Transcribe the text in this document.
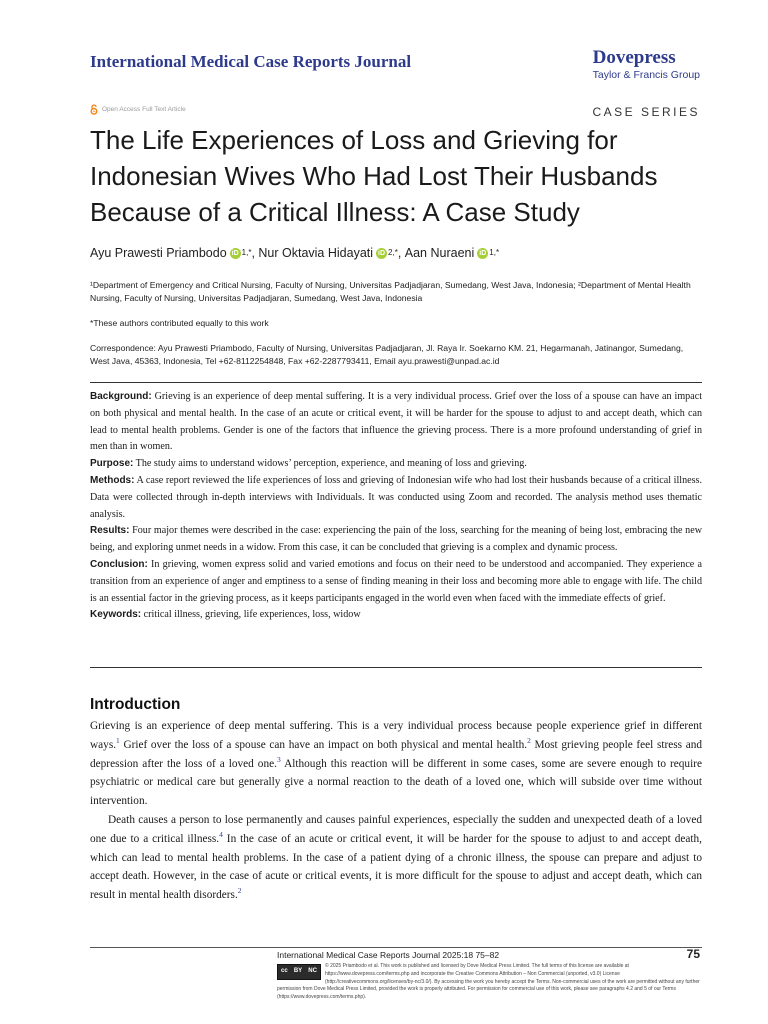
International Medical Case Reports Journal	Dovepress
Taylor & Francis Group
Open Access Full Text Article	CASE SERIES
The Life Experiences of Loss and Grieving for Indonesian Wives Who Had Lost Their Husbands Because of a Critical Illness: A Case Study
Ayu Prawesti Priambodo iD 1,* , Nur Oktavia Hidayati iD 2,* , Aan Nuraeni iD 1,*
¹Department of Emergency and Critical Nursing, Faculty of Nursing, Universitas Padjadjaran, Sumedang, West Java, Indonesia; ²Department of Mental Health Nursing, Faculty of Nursing, Universitas Padjadjaran, Sumedang, West Java, Indonesia
*These authors contributed equally to this work
Correspondence: Ayu Prawesti Priambodo, Faculty of Nursing, Universitas Padjadjaran, Jl. Raya Ir. Soekarno KM. 21, Hegarmanah, Jatinangor, Sumedang, West Java, 45363, Indonesia, Tel +62-8112254848, Fax +62-2287793411, Email ayu.prawesti@unpad.ac.id

Background: Grieving is an experience of deep mental suffering. It is a very individual process. Grief over the loss of a spouse can have an impact on both physical and mental health. In the case of an acute or critical event, it will be harder for the spouse to adjust to and accept death, which can lead to mental health problems. Gender is one of the factors that influence the grieving process. There is a more profound understanding of grief in men than in women.

Purpose: The study aims to understand widows’ perception, experience, and meaning of loss and grieving.

Methods: A case report reviewed the life experiences of loss and grieving of Indonesian wife who had lost their husbands because of a critical illness. Data were collected through in-depth interviews with Individuals. It was conducted using Zoom and recorded. The analysis method uses thematic analysis.

Results: Four major themes were described in the case: experiencing the pain of the loss, searching for the meaning of being lost, embracing the new being, and exploring unmet needs in a widow. From this case, it can be concluded that grieving is a complex and dynamic process.

Conclusion: In grieving, women express solid and varied emotions and focus on their need to be understood and accompanied. They experience a transition from an experience of anger and emptiness to a sense of finding meaning in their loss and becoming more able to engage with life. The child is an essential factor in the grieving process, as it keeps participants engaged in the world even when faced with the immediate effects of grief.

Keywords: critical illness, grieving, life experiences, loss, widow

Introduction

Grieving is an experience of deep mental suffering. This is a very individual process because people experience grief in different ways.$^1$ Grief over the loss of a spouse can have an impact on both physical and mental health.$^2$ Most grieving people feel stress and depression after the loss of a loved one.$^3$ Although this reaction will be different in some cases, some are severe enough to require psychiatric or medical care but generally give a normal reaction to the death of a loved one, which will subside over time without intervention.

Death causes a person to lose permanently and causes painful experiences, especially the sudden and unexpected death of a loved one due to a critical illness.$^4$ In the case of an acute or critical event, it will be harder for the spouse to adjust to and accept death, which can lead to mental health problems. In the case of a patient dying of a chronic illness, the spouse can prepare and adjust to accept death. However, in the case of acute or critical events, it is more difficult for the spouse to adjust and accept death, which can result in mental health disorders.$^2$

International Medical Case Reports Journal 2025:18 75–82	75
cc BY NC
© 2025 Priambodo et al. This work is published and licensed by Dove Medical Press Limited. The full terms of this license are available at https://www.dovepress.com/terms.php and incorporate the Creative Commons Attribution – Non Commercial (unported, v3.0) License (http://creativecommons.org/licenses/by-nc/3.0/). By accessing the work you hereby accept the Terms. Non-commercial uses of the work are permitted without any further permission from Dove Medical Press Limited, provided the work is properly attributed. For permission for commercial use of this work, please see paragraphs 4.2 and 5 of our Terms (https://www.dovepress.com/terms.php).
